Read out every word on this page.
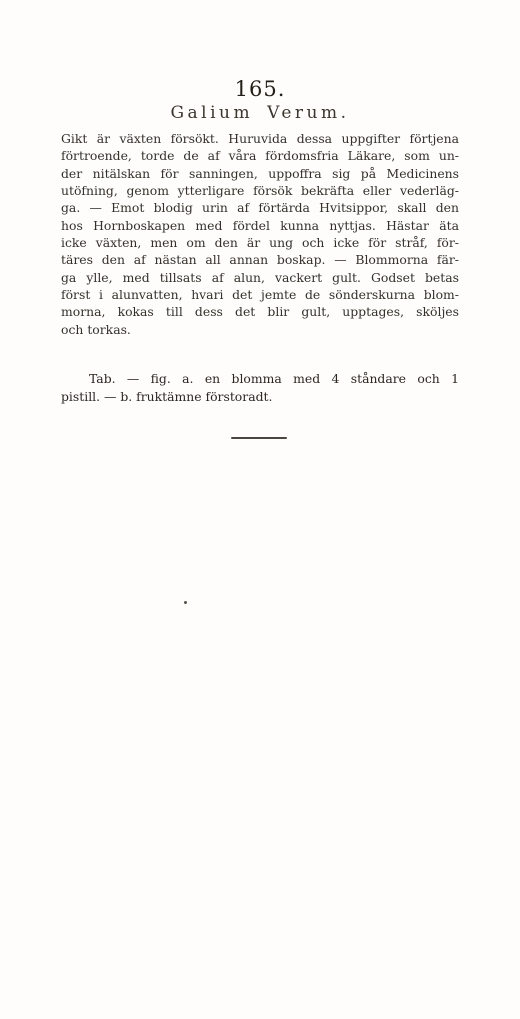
165.
Galium Verum.
Gikt är växten försökt. Huruvida dessa uppgifter förtjena
förtroende, torde de af våra fördomsfria Läkare, som un-
der nitälskan för sanningen, uppoffra sig på Medicinens
utöfning, genom ytterligare försök bekräfta eller vederläg-
ga. — Emot blodig urin af förtärda Hvitsippor, skall den
hos Hornboskapen med fördel kunna nyttjas. Hästar äta
icke växten, men om den är ung och icke för stråf, för-
täres den af nästan all annan boskap. — Blommorna fär-
ga ylle, med tillsats af alun, vackert gult. Godset betas
först i alunvatten, hvari det jemte de sönderskurna blom-
morna, kokas till dess det blir gult, upptages, sköljes
och torkas.
Tab. — fig. a. en blomma med 4 ståndare och 1
pistill. — b. fruktämne förstoradt.
